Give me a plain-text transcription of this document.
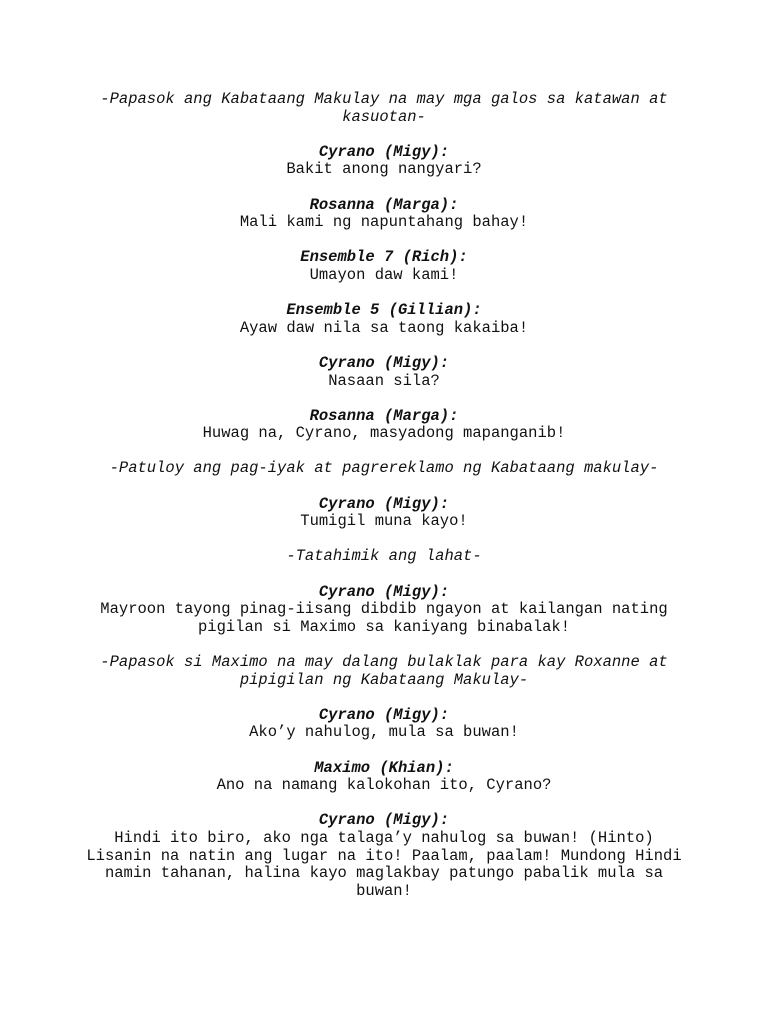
-Papasok ang Kabataang Makulay na may mga galos sa katawan at kasuotan-
Cyrano (Migy):
Bakit anong nangyari?
Rosanna (Marga):
Mali kami ng napuntahang bahay!
Ensemble 7 (Rich):
Umayon daw kami!
Ensemble 5 (Gillian):
Ayaw daw nila sa taong kakaiba!
Cyrano (Migy):
Nasaan sila?
Rosanna (Marga):
Huwag na, Cyrano, masyadong mapanganib!
-Patuloy ang pag-iyak at pagrereklamo ng Kabataang makulay-
Cyrano (Migy):
Tumigil muna kayo!
-Tatahimik ang lahat-
Cyrano (Migy):
Mayroon tayong pinag-iisang dibdib ngayon at kailangan nating pigilan si Maximo sa kaniyang binabalak!
-Papasok si Maximo na may dalang bulaklak para kay Roxanne at pipigilan ng Kabataang Makulay-
Cyrano (Migy):
Ako’y nahulog, mula sa buwan!
Maximo (Khian):
Ano na namang kalokohan ito, Cyrano?
Cyrano (Migy):
Hindi ito biro, ako nga talaga’y nahulog sa buwan! (Hinto) Lisanin na natin ang lugar na ito! Paalam, paalam! Mundong Hindi namin tahanan, halina kayo maglakbay patungo pabalik mula sa buwan!
